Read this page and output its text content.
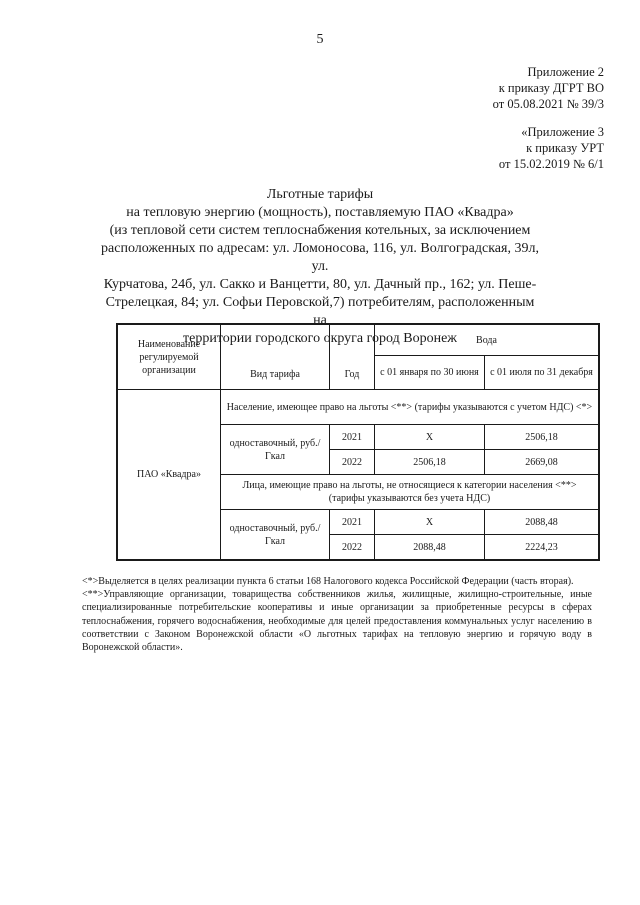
5
Приложение 2
к приказу ДГРТ ВО
от 05.08.2021 № 39/3
«Приложение 3
к приказу УРТ
от 15.02.2019 № 6/1
Льготные тарифы
на тепловую энергию (мощность), поставляемую ПАО «Квадра»
(из тепловой сети систем теплоснабжения котельных, за исключением
расположенных по адресам: ул. Ломоносова, 116, ул. Волгоградская, 39л, ул.
Курчатова, 24б, ул. Сакко и Ванцетти, 80, ул. Дачный пр., 162; ул. Пеше-
Стрелецкая, 84; ул. Софьи Перовской,7) потребителям, расположенным на
территории городского округа город Воронеж
Наименование регулируемой организации	Вид тарифа	Год	Вода	
			с 01 января по 30 июня	с 01 июля по 31 декабря
ПАО «Квадра»	Население, имеющее право на льготы <**> (тарифы указываются с учетом НДС) <*>			
	одноставочный, руб./Гкал	2021	Х	2506,18
		2022	2506,18	2669,08
	Лица, имеющие право на льготы, не относящиеся к категории населения <**> (тарифы указываются без учета НДС)			
	одноставочный, руб./Гкал	2021	Х	2088,48
		2022	2088,48	2224,23

<*>Выделяется в целях реализации пункта 6 статьи 168 Налогового кодекса Российской Федерации (часть вторая).

<**>Управляющие организации, товарищества собственников жилья, жилищные, жилищно-строительные, иные специализированные потребительские кооперативы и иные организации за приобретенные ресурсы в сферах теплоснабжения, горячего водоснабжения, необходимые для целей предоставления коммунальных услуг населению в соответствии с Законом Воронежской области «О льготных тарифах на тепловую энергию и горячую воду в Воронежской области».
